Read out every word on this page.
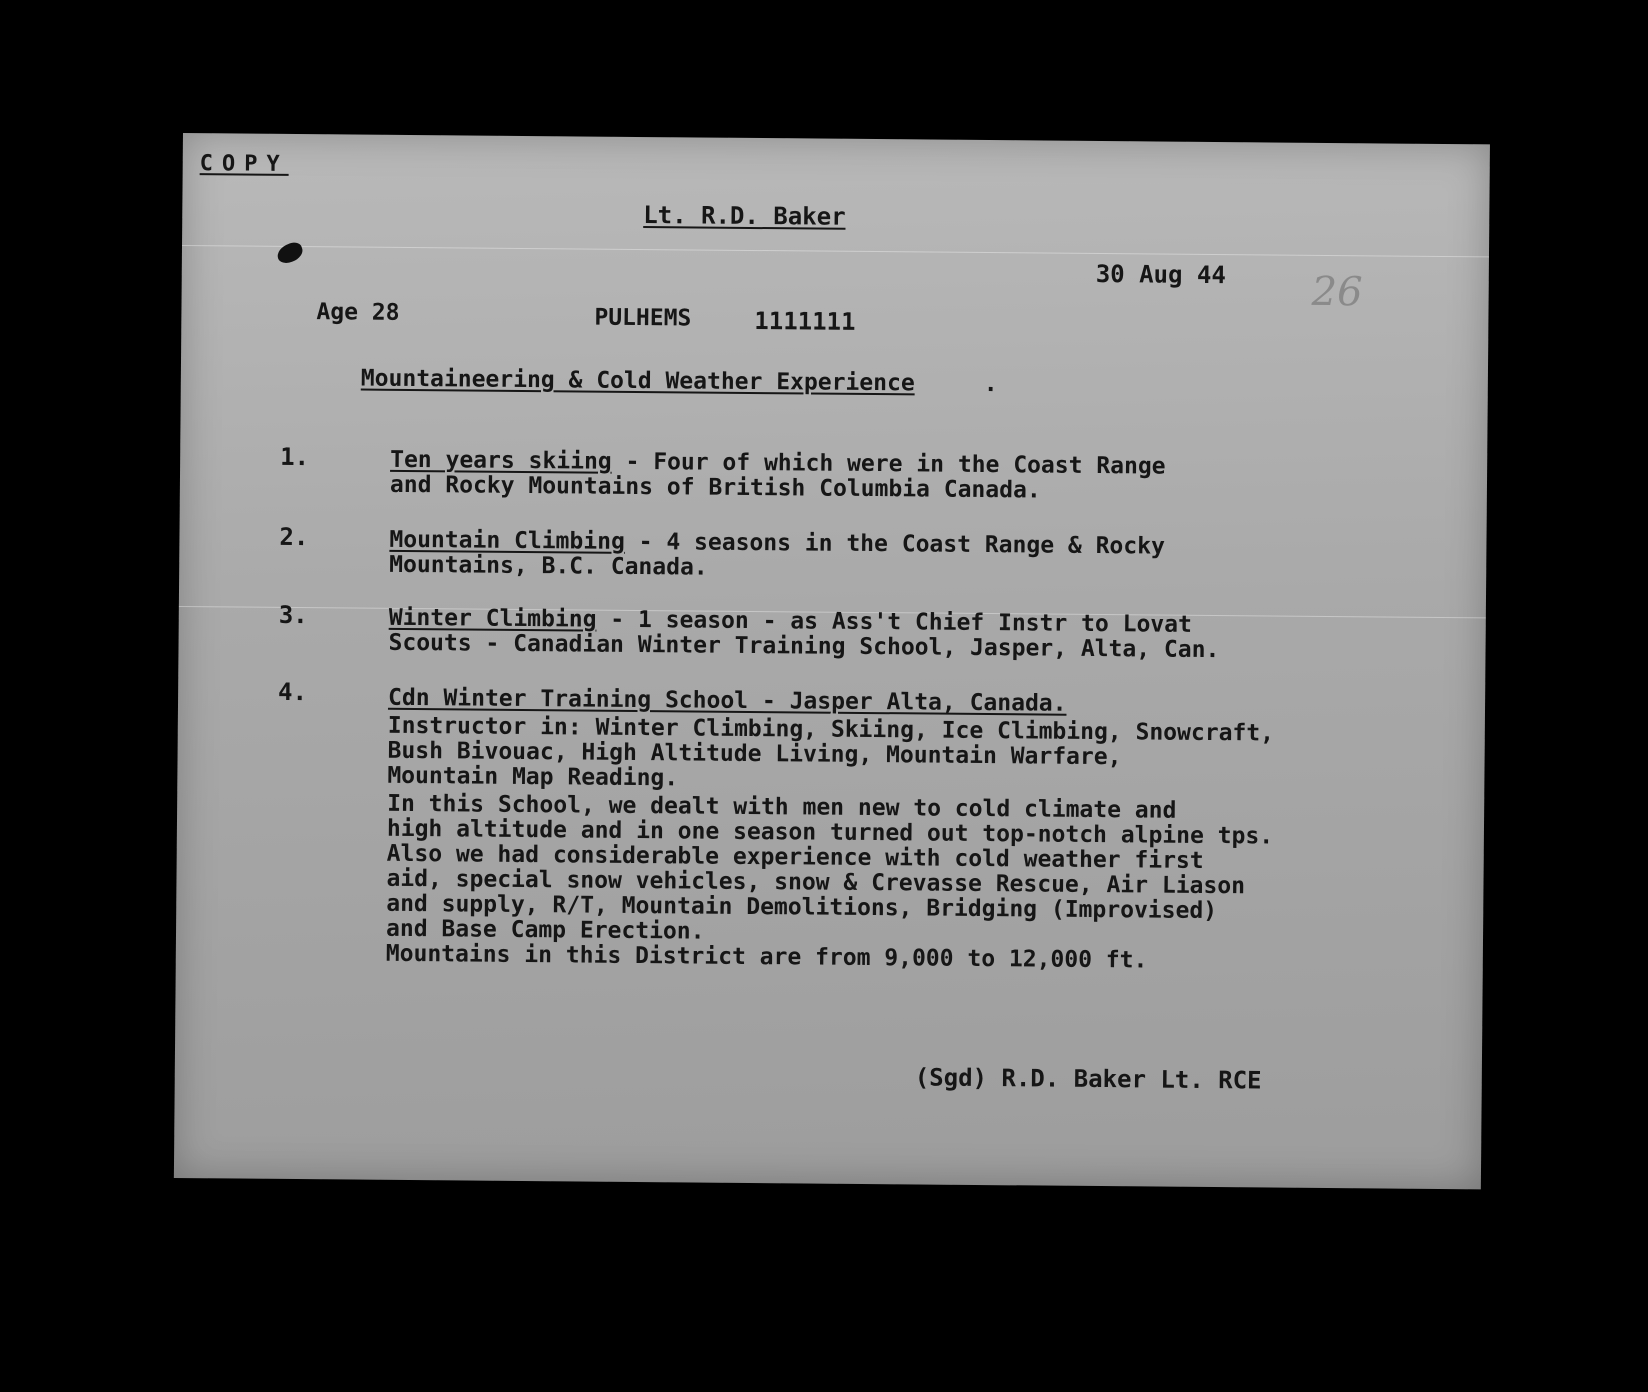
COPY
Lt. R.D. Baker
30 Aug 44 26
Age 28	PULHEMS	1111111
Mountaineering & Cold Weather Experience	.
1.	Ten years skiing - Four of which were in the Coast Range
and Rocky Mountains of British Columbia Canada.
2.	Mountain Climbing - 4 seasons in the Coast Range & Rocky
Mountains, B.C. Canada.
3.	Winter Climbing - 1 season - as Ass't Chief Instr to Lovat
Scouts - Canadian Winter Training School, Jasper, Alta, Can.
4.	Cdn Winter Training School - Jasper Alta, Canada.
Instructor in: Winter Climbing, Skiing, Ice Climbing, Snowcraft,
Bush Bivouac, High Altitude Living, Mountain Warfare,
Mountain Map Reading.
In this School, we dealt with men new to cold climate and
high altitude and in one season turned out top-notch alpine tps.
Also we had considerable experience with cold weather first
aid, special snow vehicles, snow & Crevasse Rescue, Air Liason
and supply, R/T, Mountain Demolitions, Bridging (Improvised)
and Base Camp Erection.
Mountains in this District are from 9,000 to 12,000 ft.
(Sgd) R.D. Baker Lt. RCE
